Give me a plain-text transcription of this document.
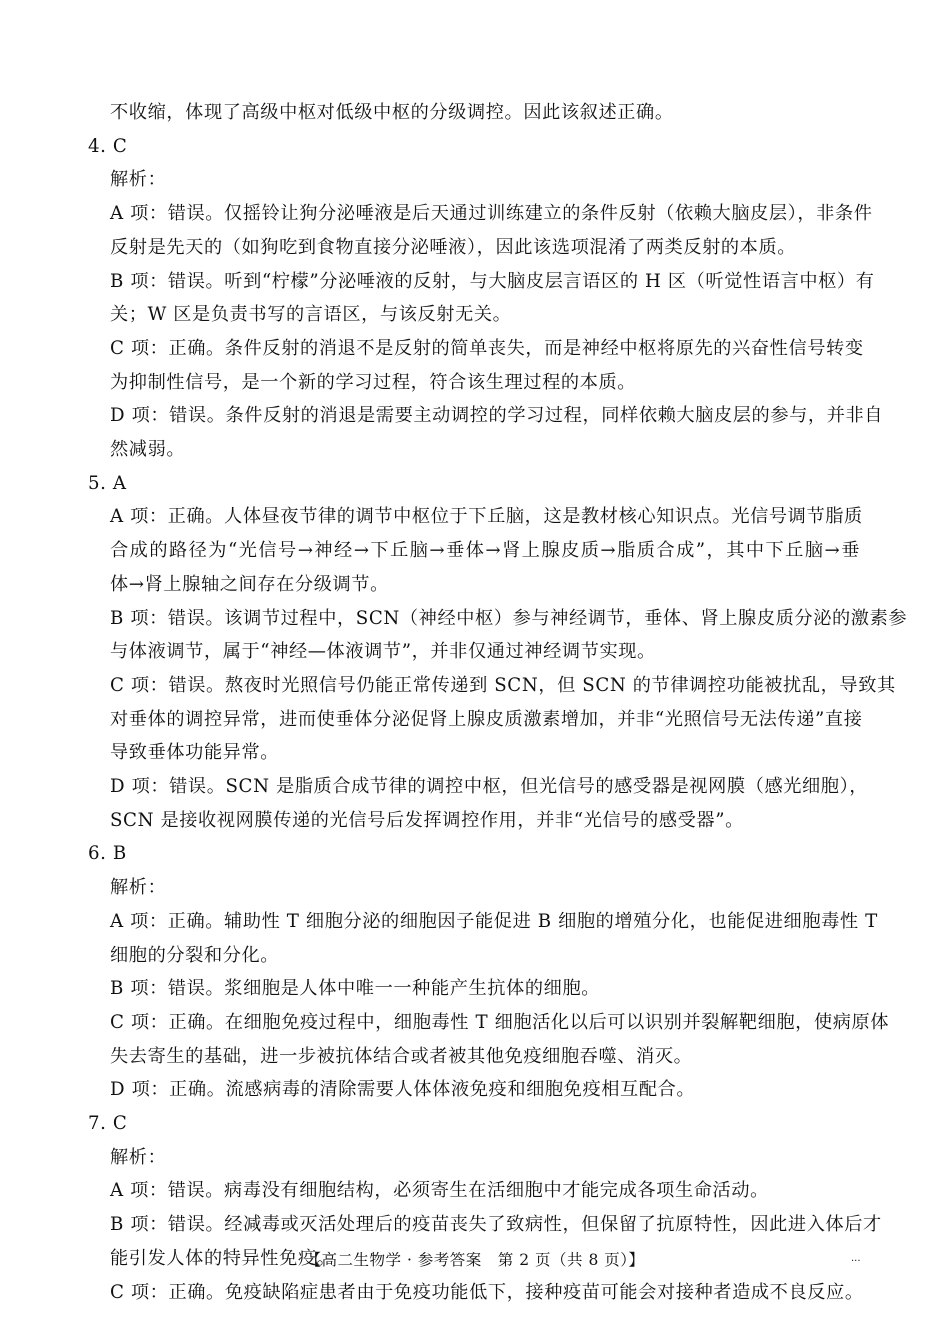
不收缩，体现了高级中枢对低级中枢的分级调控。因此该叙述正确。
4. C
解析：
A 项：错误。仅摇铃让狗分泌唾液是后天通过训练建立的条件反射（依赖大脑皮层），非条件
反射是先天的（如狗吃到食物直接分泌唾液），因此该选项混淆了两类反射的本质。
B 项：错误。听到“柠檬”分泌唾液的反射，与大脑皮层言语区的 H 区（听觉性语言中枢）有
关；W 区是负责书写的言语区，与该反射无关。
C 项：正确。条件反射的消退不是反射的简单丧失，而是神经中枢将原先的兴奋性信号转变
为抑制性信号，是一个新的学习过程，符合该生理过程的本质。
D 项：错误。条件反射的消退是需要主动调控的学习过程，同样依赖大脑皮层的参与，并非自
然减弱。
5. A
A 项：正确。人体昼夜节律的调节中枢位于下丘脑，这是教材核心知识点。光信号调节脂质
合成的路径为“光信号→神经→下丘脑→垂体→肾上腺皮质→脂质合成”，其中下丘脑→垂
体→肾上腺轴之间存在分级调节。
B 项：错误。该调节过程中，SCN（神经中枢）参与神经调节，垂体、肾上腺皮质分泌的激素参
与体液调节，属于“神经—体液调节”，并非仅通过神经调节实现。
C 项：错误。熬夜时光照信号仍能正常传递到 SCN，但 SCN 的节律调控功能被扰乱，导致其
对垂体的调控异常，进而使垂体分泌促肾上腺皮质激素增加，并非“光照信号无法传递”直接
导致垂体功能异常。
D 项：错误。SCN 是脂质合成节律的调控中枢，但光信号的感受器是视网膜（感光细胞），
SCN 是接收视网膜传递的光信号后发挥调控作用，并非“光信号的感受器”。
6. B
解析：
A 项：正确。辅助性 T 细胞分泌的细胞因子能促进 B 细胞的增殖分化，也能促进细胞毒性 T
细胞的分裂和分化。
B 项：错误。浆细胞是人体中唯一一种能产生抗体的细胞。
C 项：正确。在细胞免疫过程中，细胞毒性 T 细胞活化以后可以识别并裂解靶细胞，使病原体
失去寄生的基础，进一步被抗体结合或者被其他免疫细胞吞噬、消灭。
D 项：正确。流感病毒的清除需要人体体液免疫和细胞免疫相互配合。
7. C
解析：
A 项：错误。病毒没有细胞结构，必须寄生在活细胞中才能完成各项生命活动。
B 项：错误。经减毒或灭活处理后的疫苗丧失了致病性，但保留了抗原特性，因此进入体后才
能引发人体的特异性免疫。
C 项：正确。免疫缺陷症患者由于免疫功能低下，接种疫苗可能会对接种者造成不良反应。
【高二生物学 · 参考答案　第 2 页（共 8 页）】	...
